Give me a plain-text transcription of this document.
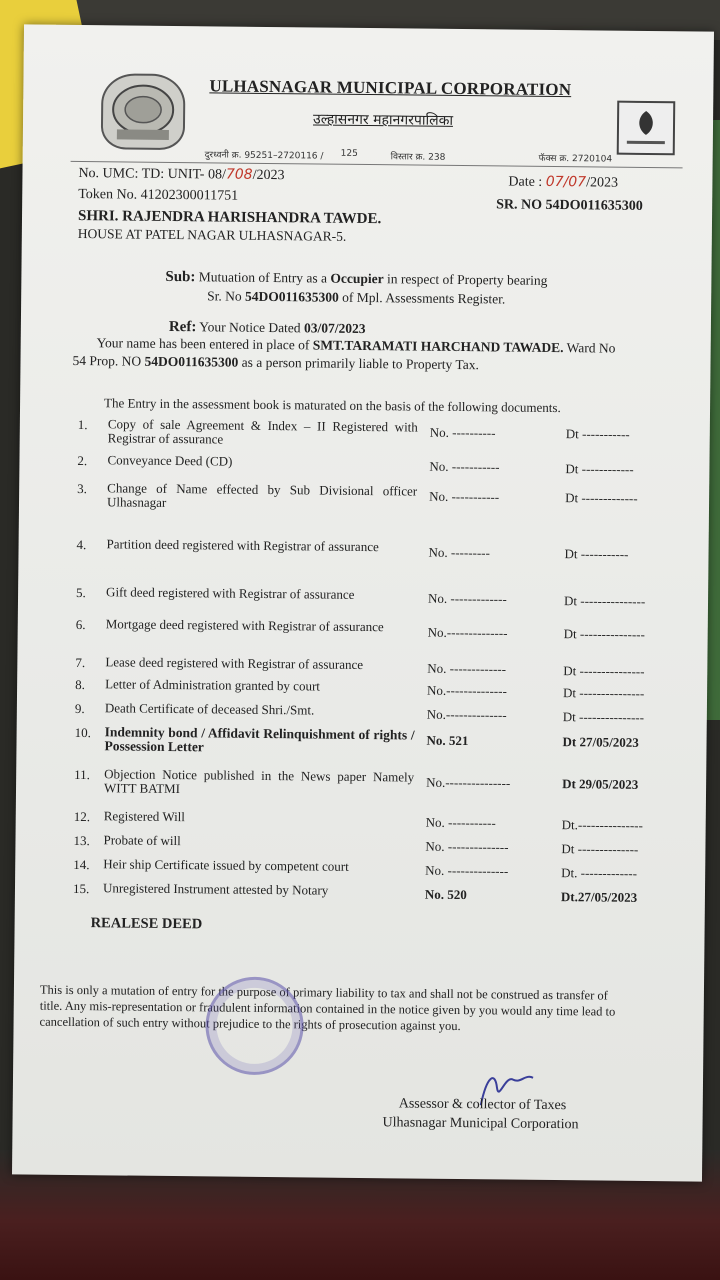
ULHASNAGAR MUNICIPAL CORPORATION
उल्हासनगर महानगरपालिका
दुरध्वनी क्र. 95251–2720116 / 125	विस्तार क्र. 238	फॅक्स क्र. 2720104
No. UMC: TD: UNIT- 08/708/2023	Date : 07/07/2023
Token No. 41202300011751
SR. NO 54DO011635300
SHRI. RAJENDRA HARISHANDRA TAWDE.
HOUSE AT PATEL NAGAR ULHASNAGAR-5.
Sub: Mutuation of Entry as a Occupier in respect of Property bearing
Sr. No 54DO011635300 of Mpl. Assessments Register.
Ref: Your Notice Dated 03/07/2023
Your name has been entered in place of SMT.TARAMATI HARCHAND TAWADE. Ward No
54 Prop. NO 54DO011635300 as a person primarily liable to Property Tax.
The Entry in the assessment book is maturated on the basis of the following documents.
1. Copy of sale Agreement & Index – II Registered with Registrar of assurance	No. ----------	Dt -----------
2. Conveyance Deed (CD)	No. -----------	Dt ------------
3. Change of Name effected by Sub Divisional officer Ulhasnagar	No. -----------	Dt -------------
4. Partition deed registered with Registrar of assurance	No. ---------	Dt -----------
5. Gift deed registered with Registrar of assurance	No. -------------	Dt ---------------
6. Mortgage deed registered with Registrar of assurance	No.--------------	Dt ---------------
7. Lease deed registered with Registrar of assurance	No. -------------	Dt ---------------
8. Letter of Administration granted by court	No.--------------	Dt ---------------
9. Death Certificate of deceased Shri./Smt.	No.--------------	Dt ---------------
10. Indemnity bond / Affidavit Relinquishment of rights / Possession Letter	No. 521	Dt 27/05/2023
11. Objection Notice published in the News paper Namely WITT BATMI	No.---------------	Dt 29/05/2023
12. Registered Will	No. -----------	Dt.---------------
13. Probate of will	No. --------------	Dt --------------
14. Heir ship Certificate issued by competent court	No. --------------	Dt. -------------
15. Unregistered Instrument attested by Notary	No. 520	Dt.27/05/2023
REALESE DEED
This is only a mutation of entry for the purpose of primary liability to tax and shall not be construed as transfer of
title. Any mis-representation or fraudulent information contained in the notice given by you would any time lead to
cancellation of such entry without prejudice to the rights of prosecution against you.
Assessor & collector of Taxes
Ulhasnagar Municipal Corporation
